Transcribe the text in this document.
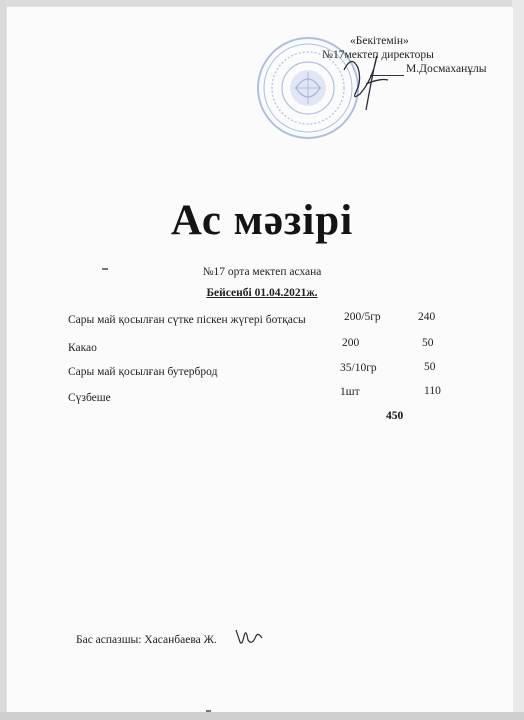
«Бекітемін»
№17мектеп директоры
М.Досмаханұлы
Ас мәзірі
№17 орта мектеп асхана
Бейсенбі 01.04.2021ж.
Сары май қосылған сүтке піскен жүгері ботқасы	200/5гр	240
Какао	200	50
Сары май қосылған бутерброд	35/10гр	50
Сүзбеше	1шт	110
450
Бас аспазшы: Хасанбаева Ж.
